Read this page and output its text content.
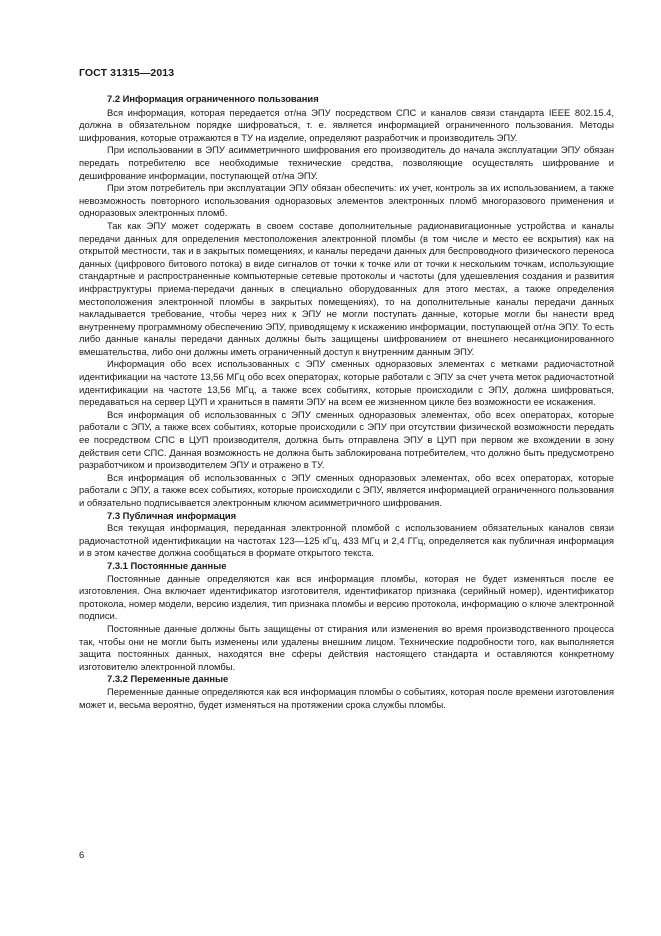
ГОСТ 31315—2013
7.2 Информация ограниченного пользования

Вся информация, которая передается от/на ЭПУ посредством СПС и каналов связи стандарта IEEE 802.15.4, должна в обязательном порядке шифроваться, т. е. является информацией ограниченного пользования. Методы шифрования, которые отражаются в ТУ на изделие, определяют разработчик и производитель ЭПУ.

При использовании в ЭПУ асимметричного шифрования его производитель до начала эксплуатации ЭПУ обязан передать потребителю все необходимые технические средства, позволяющие осуществлять шифрование и дешифрование информации, поступающей от/на ЭПУ.

При этом потребитель при эксплуатации ЭПУ обязан обеспечить: их учет, контроль за их использованием, а также невозможность повторного использования одноразовых элементов электронных пломб многоразового применения и одноразовых электронных пломб.

Так как ЭПУ может содержать в своем составе дополнительные радионавигационные устройства и каналы передачи данных для определения местоположения электронной пломбы (в том числе и место ее вскрытия) как на открытой местности, так и в закрытых помещениях, и каналы передачи данных для беспроводного физического переноса данных (цифрового битового потока) в виде сигналов от точки к точке или от точки к нескольким точкам, использующие стандартные и распространенные компьютерные сетевые протоколы и частоты (для удешевления создания и развития инфраструктуры приема-передачи данных в специально оборудованных для этого местах, а также определения местоположения электронной пломбы в закрытых помещениях), то на дополнительные каналы передачи данных накладывается требование, чтобы через них к ЭПУ не могли поступать данные, которые могли бы нанести вред внутреннему программному обеспечению ЭПУ, приводящему к искажению информации, поступающей от/на ЭПУ. То есть либо данные каналы передачи данных должны быть защищены шифрованием от внешнего несанкционированного вмешательства, либо они должны иметь ограниченный доступ к внутренним данным ЭПУ.

Информация обо всех использованных с ЭПУ сменных одноразовых элементах с метками радиочастотной идентификации на частоте 13,56 МГц обо всех операторах, которые работали с ЭПУ за счет учета меток радиочастотной идентификации на частоте 13,56 МГц, а также всех событиях, которые происходили с ЭПУ, должна шифроваться, передаваться на сервер ЦУП и храниться в памяти ЭПУ на всем ее жизненном цикле без возможности ее искажения.

Вся информация об использованных с ЭПУ сменных одноразовых элементах, обо всех операторах, которые работали с ЭПУ, а также всех событиях, которые происходили с ЭПУ при отсутствии физической возможности передать ее посредством СПС в ЦУП производителя, должна быть отправлена ЭПУ в ЦУП при первом же вхождении в зону действия сети СПС. Данная возможность не должна быть заблокирована потребителем, что должно быть предусмотрено разработчиком и производителем ЭПУ и отражено в ТУ.

Вся информация об использованных с ЭПУ сменных одноразовых элементах, обо всех операторах, которые работали с ЭПУ, а также всех событиях, которые происходили с ЭПУ, является информацией ограниченного пользования и обязательно подписывается электронным ключом асимметричного шифрования.

7.3 Публичная информация

Вся текущая информация, переданная электронной пломбой с использованием обязательных каналов связи радиочастотной идентификации на частотах 123—125 кГц, 433 МГц и 2,4 ГГц, определяется как публичная информация и в этом качестве должна сообщаться в формате открытого текста.

7.3.1 Постоянные данные

Постоянные данные определяются как вся информация пломбы, которая не будет изменяться после ее изготовления. Она включает идентификатор изготовителя, идентификатор признака (серийный номер), идентификатор протокола, номер модели, версию изделия, тип признака пломбы и версию протокола, информацию о ключе электронной подписи.

Постоянные данные должны быть защищены от стирания или изменения во время производственного процесса так, чтобы они не могли быть изменены или удалены внешним лицом. Технические подробности того, как выполняется защита постоянных данных, находятся вне сферы действия настоящего стандарта и оставляются конкретному изготовителю электронной пломбы.

7.3.2 Переменные данные

Переменные данные определяются как вся информация пломбы о событиях, которая после времени изготовления может и, весьма вероятно, будет изменяться на протяжении срока службы пломбы.

6
